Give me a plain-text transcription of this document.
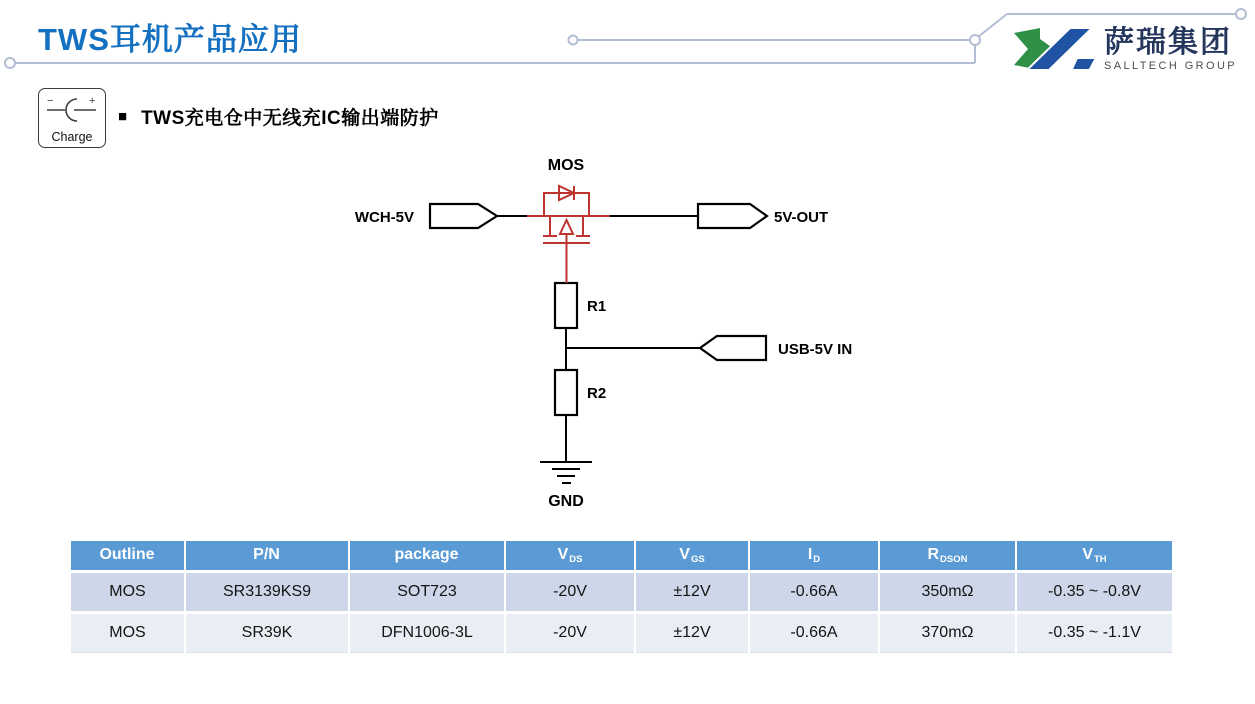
TWS耳机产品应用	萨瑞集团
SALLTECH GROUP
−	+
Charge
■ TWS充电仓中无线充IC输出端防护
MOS
WCH-5V	5V-OUT
USB-5V IN
R1
R2
GND
Outline	P/N	package	VDS	VGS	ID	RDSON	VTH
MOS	SR3139KS9	SOT723	-20V	±12V	-0.66A	350mΩ	-0.35 ~ -0.8V
MOS	SR39K	DFN1006-3L	-20V	±12V	-0.66A	370mΩ	-0.35 ~ -1.1V
